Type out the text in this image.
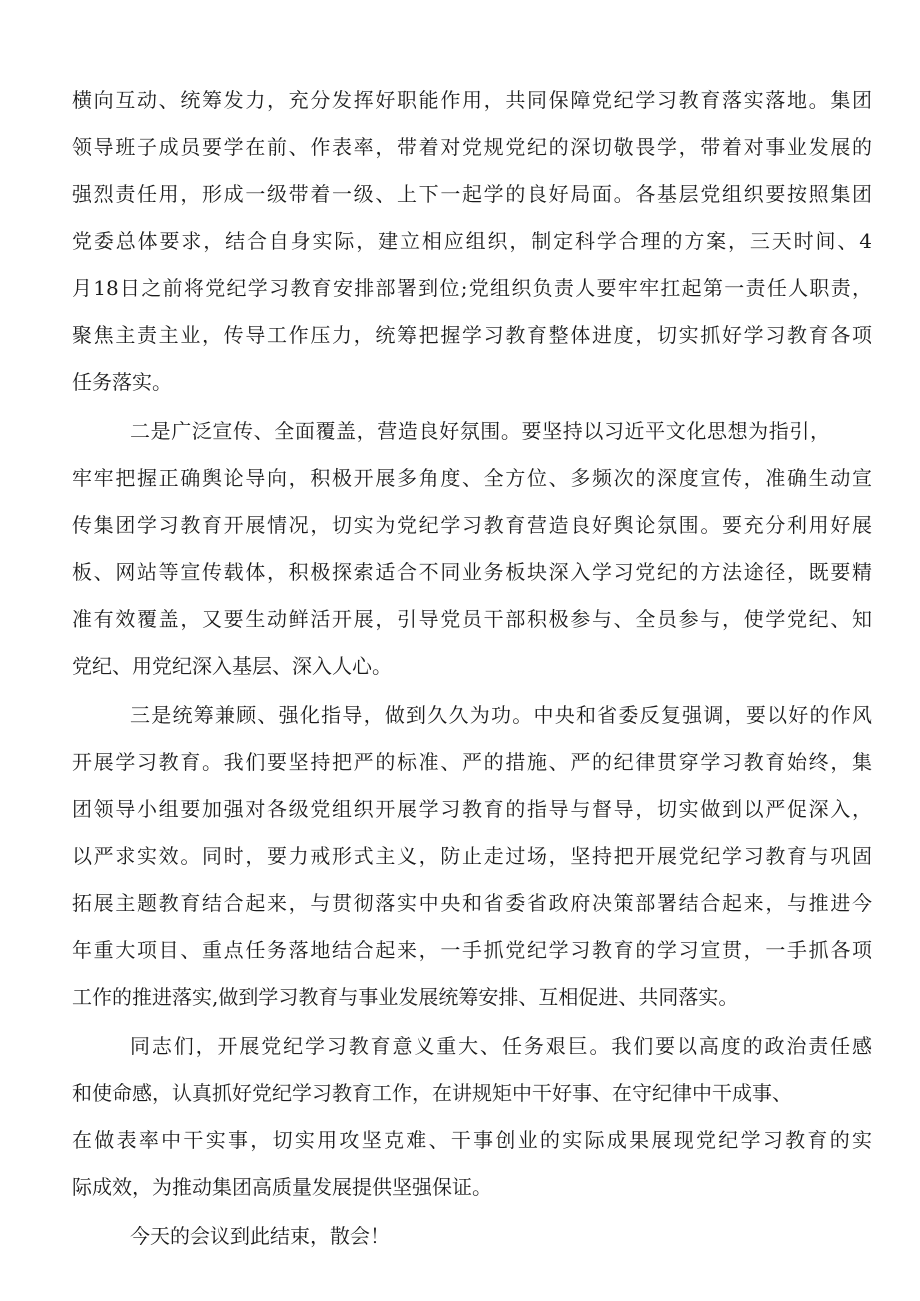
横向互动、统筹发力，充分发挥好职能作用，共同保障党纪学习教育落实落地。集团
领导班子成员要学在前、作表率，带着对党规党纪的深切敬畏学，带着对事业发展的
强烈责任用，形成一级带着一级、上下一起学的良好局面。各基层党组织要按照集团
党委总体要求，结合自身实际，建立相应组织，制定科学合理的方案，三天时间、4
月18日之前将党纪学习教育安排部署到位;党组织负责人要牢牢扛起第一责任人职责，
聚焦主责主业，传导工作压力，统筹把握学习教育整体进度，切实抓好学习教育各项
任务落实。
二是广泛宣传、全面覆盖，营造良好氛围。要坚持以习近平文化思想为指引，
牢牢把握正确舆论导向，积极开展多角度、全方位、多频次的深度宣传，准确生动宣
传集团学习教育开展情况，切实为党纪学习教育营造良好舆论氛围。要充分利用好展
板、网站等宣传载体，积极探索适合不同业务板块深入学习党纪的方法途径，既要精
准有效覆盖，又要生动鲜活开展，引导党员干部积极参与、全员参与，使学党纪、知
党纪、用党纪深入基层、深入人心。
三是统筹兼顾、强化指导，做到久久为功。中央和省委反复强调，要以好的作风
开展学习教育。我们要坚持把严的标准、严的措施、严的纪律贯穿学习教育始终，集
团领导小组要加强对各级党组织开展学习教育的指导与督导，切实做到以严促深入，
以严求实效。同时，要力戒形式主义，防止走过场，坚持把开展党纪学习教育与巩固
拓展主题教育结合起来，与贯彻落实中央和省委省政府决策部署结合起来，与推进今
年重大项目、重点任务落地结合起来，一手抓党纪学习教育的学习宣贯，一手抓各项
工作的推进落实,做到学习教育与事业发展统筹安排、互相促进、共同落实。
同志们，开展党纪学习教育意义重大、任务艰巨。我们要以高度的政治责任感
和使命感，认真抓好党纪学习教育工作，在讲规矩中干好事、在守纪律中干成事、
在做表率中干实事，切实用攻坚克难、干事创业的实际成果展现党纪学习教育的实
际成效，为推动集团高质量发展提供坚强保证。
今天的会议到此结束，散会！
